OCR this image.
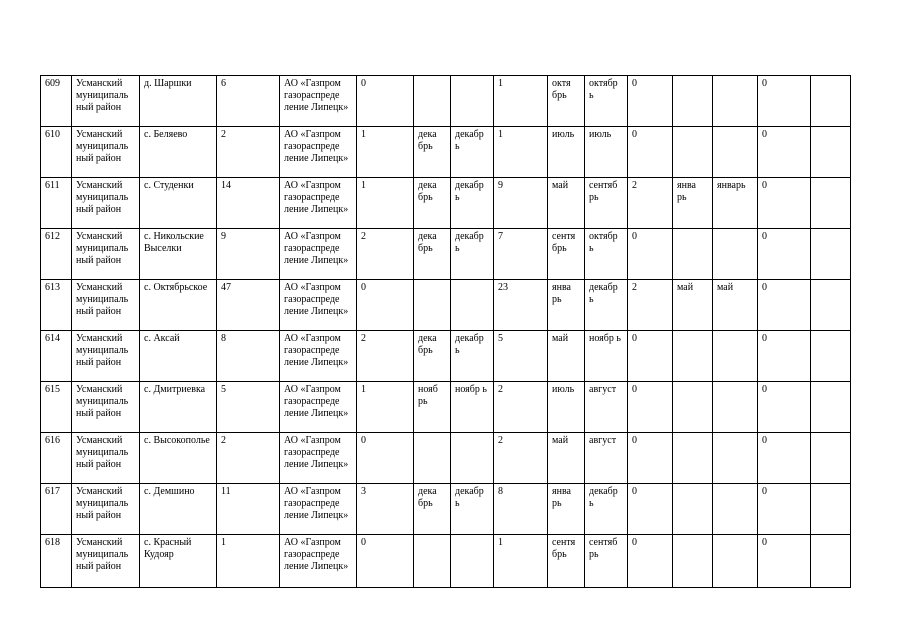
609	Усманский муниципаль ный район	д. Шаршки	6	АО «Газпром газораспреде ление Липецк»	0			1	октя брь	октябр ь	0			0		
610	Усманский муниципаль ный район	с. Беляево	2	АО «Газпром газораспреде ление Липецк»	1	дека брь	декабр ь	1	июль	июль	0			0		
611	Усманский муниципаль ный район	с. Студенки	14	АО «Газпром газораспреде ление Липецк»	1	дека брь	декабр ь	9	май	сентяб рь	2	янва рь	январь	0		
612	Усманский муниципаль ный район	с. Никольские Выселки	9	АО «Газпром газораспреде ление Липецк»	2	дека брь	декабр ь	7	сентя брь	октябр ь	0			0		
613	Усманский муниципаль ный район	с. Октябрьское	47	АО «Газпром газораспреде ление Липецк»	0			23	янва рь	декабр ь	2	май	май	0		
614	Усманский муниципаль ный район	с. Аксай	8	АО «Газпром газораспреде ление Липецк»	2	дека брь	декабр ь	5	май	ноябр ь	0			0		
615	Усманский муниципаль ный район	с. Дмитриевка	5	АО «Газпром газораспреде ление Липецк»	1	нояб рь	ноябр ь	2	июль	август	0			0		
616	Усманский муниципаль ный район	с. Высокополье	2	АО «Газпром газораспреде ление Липецк»	0			2	май	август	0			0		
617	Усманский муниципаль ный район	с. Демшино	11	АО «Газпром газораспреде ление Липецк»	3	дека брь	декабр ь	8	янва рь	декабр ь	0			0		
618	Усманский муниципаль ный район	с. Красный Кудояр	1	АО «Газпром газораспреде ление Липецк»	0			1	сентя брь	сентяб рь	0			0		
